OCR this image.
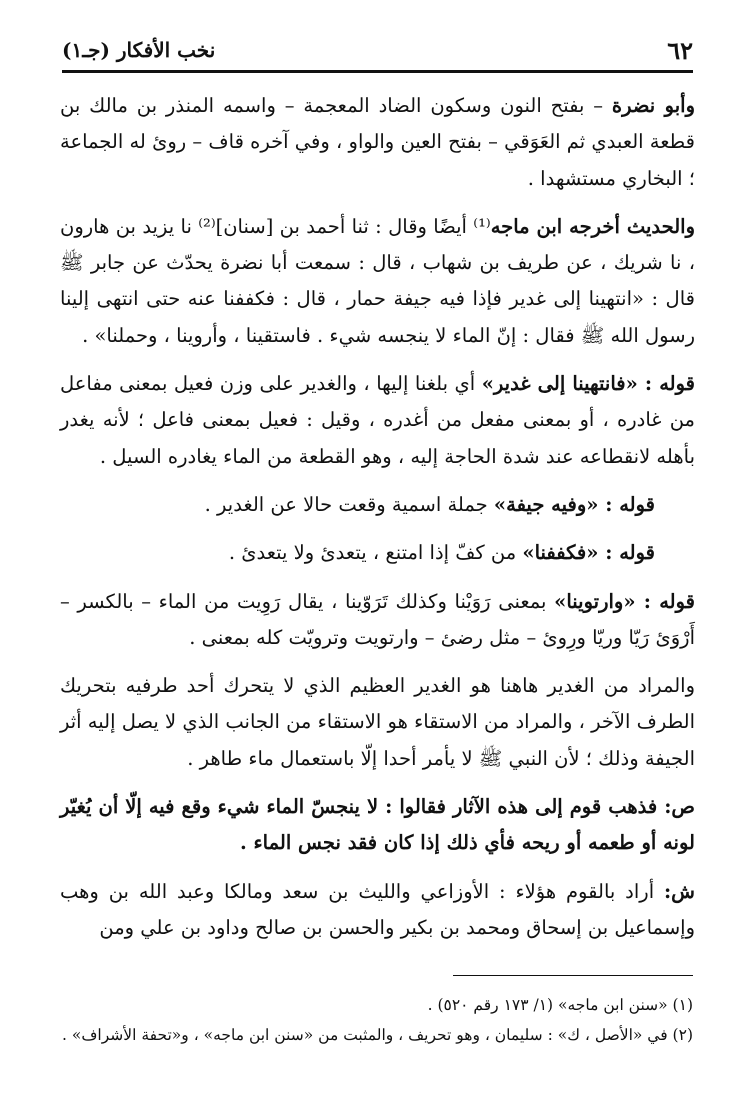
٦٢
نخب الأفكار (جـ١)

وأبو نضرة – بفتح النون وسكون الضاد المعجمة – واسمه المنذر بن مالك بن قطعة العبدي ثم العَوَقي – بفتح العين والواو ، وفي آخره قاف – روئ له الجماعة ؛ البخاري مستشهدا .

والحديث أخرجه ابن ماجه⁽¹⁾ أيضًا وقال : ثنا أحمد بن [سنان]⁽²⁾ نا يزيد بن هارون ، نا شريك ، عن طريف بن شهاب ، قال : سمعت أبا نضرة يحدّث عن جابر ﷺ قال : «انتهينا إلى غدير فإذا فيه جيفة حمار ، قال : فكففنا عنه حتى انتهى إلينا رسول الله ﷺ فقال : إنّ الماء لا ينجسه شيء . فاستقينا ، وأروينا ، وحملنا» .

قوله : «فانتهينا إلى غدير» أي بلغنا إليها ، والغدير على وزن فعيل بمعنى مفاعل من غادره ، أو بمعنى مفعل من أغدره ، وقيل : فعيل بمعنى فاعل ؛ لأنه يغدر بأهله لانقطاعه عند شدة الحاجة إليه ، وهو القطعة من الماء يغادره السيل .

قوله : «وفيه جيفة» جملة اسمية وقعت حالا عن الغدير .

قوله : «فكففنا» من كفّ إذا امتنع ، يتعدئ ولا يتعدئ .

قوله : «وارتوينا» بمعنى رَوَيْنا وكذلك تَرَوّينا ، يقال رَوِيت من الماء – بالكسر – أَرْوَئ رَيّا وريّا ورِوئ – مثل رضئ – وارتويت وترويّت كله بمعنى .

والمراد من الغدير هاهنا هو الغدير العظيم الذي لا يتحرك أحد طرفيه بتحريك الطرف الآخر ، والمراد من الاستقاء هو الاستقاء من الجانب الذي لا يصل إليه أثر الجيفة وذلك ؛ لأن النبي ﷺ لا يأمر أحدا إلّا باستعمال ماء طاهر .

ص: فذهب قوم إلى هذه الآثار فقالوا : لا ينجسّ الماء شيء وقع فيه إلّا أن يُغيّر لونه أو طعمه أو ريحه فأي ذلك إذا كان فقد نجس الماء .

ش: أراد بالقوم هؤلاء : الأوزاعي والليث بن سعد ومالكا وعبد الله بن وهب وإسماعيل بن إسحاق ومحمد بن بكير والحسن بن صالح وداود بن علي ومن

(١) «سنن ابن ماجه» (١/ ١٧٣ رقم ٥٢٠) .
(٢) في «الأصل ، ك» : سليمان ، وهو تحريف ، والمثبت من «سنن ابن ماجه» ، و«تحفة الأشراف» .
